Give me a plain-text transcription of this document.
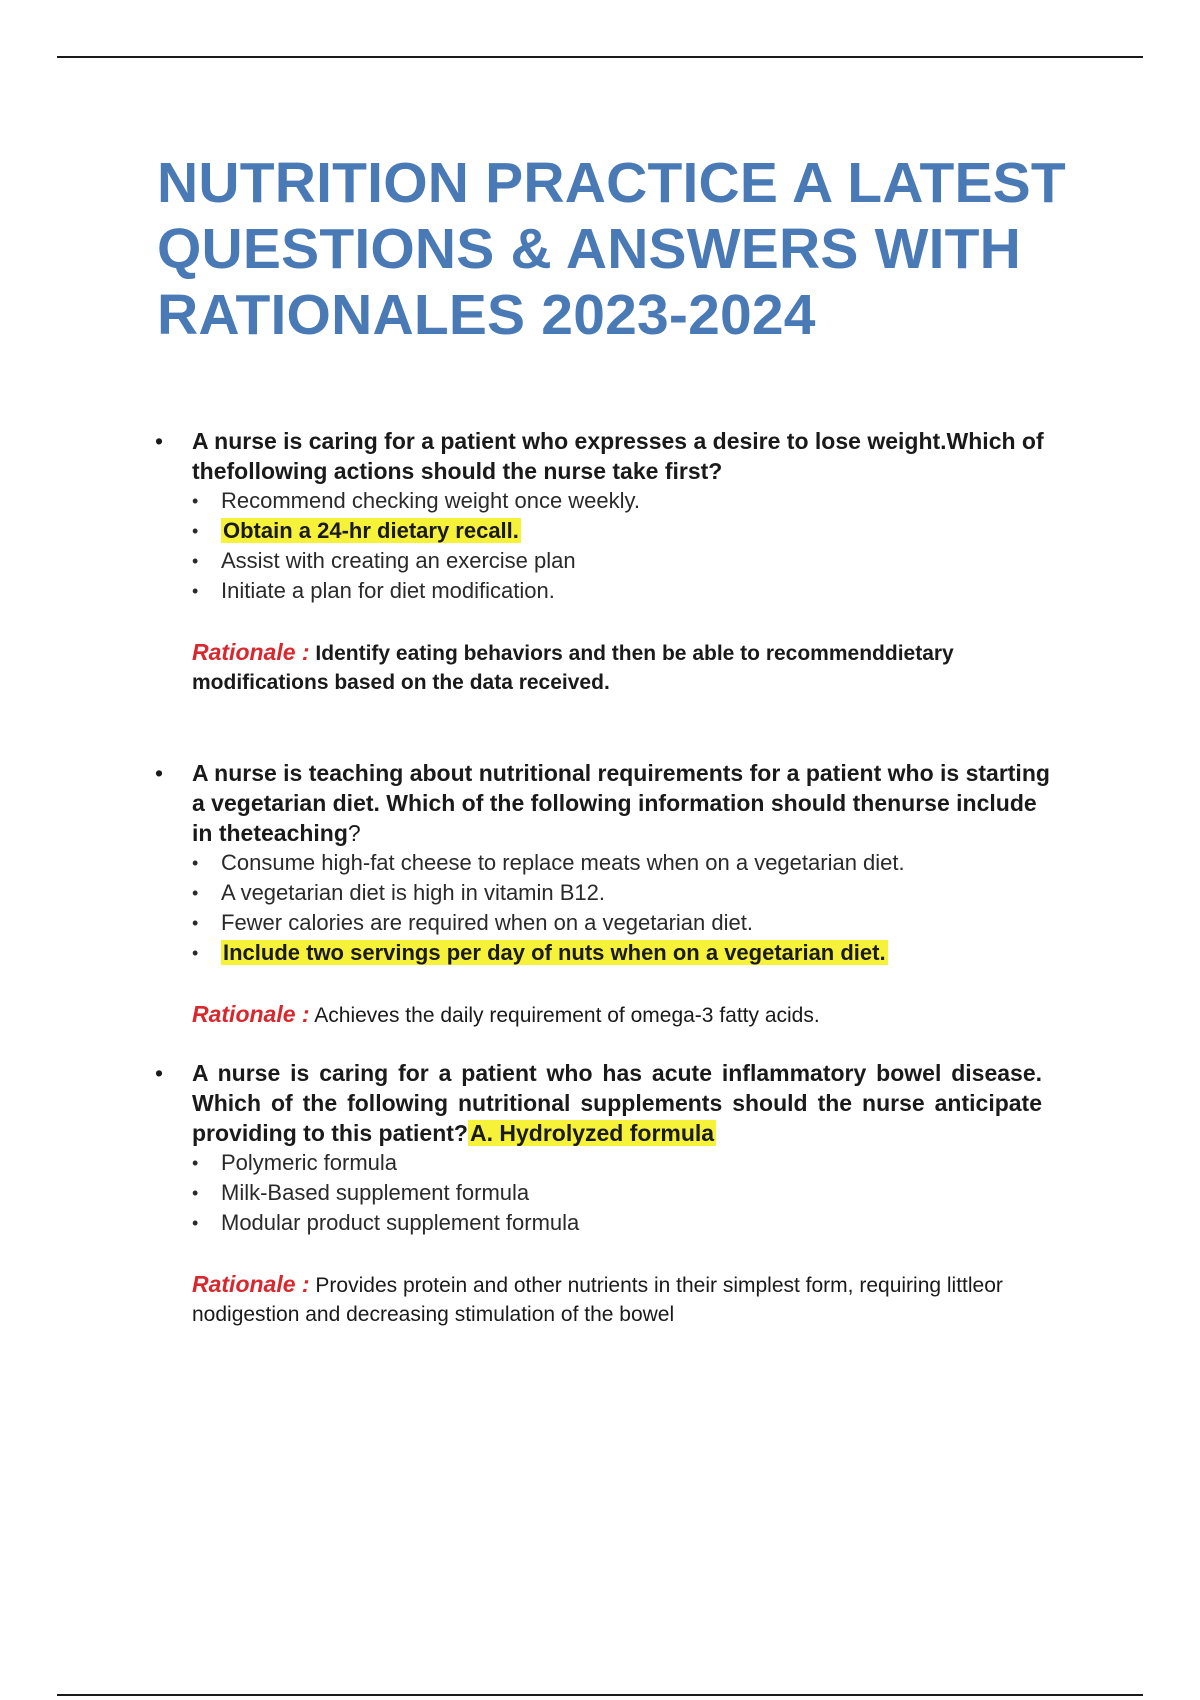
NUTRITION PRACTICE A LATEST QUESTIONS & ANSWERS WITH RATIONALES 2023-2024
• A nurse is caring for a patient who expresses a desire to lose weight.Which of thefollowing actions should the nurse take first?
• Recommend checking weight once weekly.
• Obtain a 24-hr dietary recall.
• Assist with creating an exercise plan
• Initiate a plan for diet modification.
Rationale : Identify eating behaviors and then be able to recommenddietary modifications based on the data received.
• A nurse is teaching about nutritional requirements for a patient who is starting a vegetarian diet. Which of the following information should thenurse include in theteaching?
• Consume high-fat cheese to replace meats when on a vegetarian diet.
• A vegetarian diet is high in vitamin B12.
• Fewer calories are required when on a vegetarian diet.
• Include two servings per day of nuts when on a vegetarian diet.
Rationale : Achieves the daily requirement of omega-3 fatty acids.
• A nurse is caring for a patient who has acute inflammatory bowel disease. Which of the following nutritional supplements should the nurse anticipate providing to this patient?A. Hydrolyzed formula
• Polymeric formula
• Milk-Based supplement formula
• Modular product supplement formula
Rationale : Provides protein and other nutrients in their simplest form, requiring littleor nodigestion and decreasing stimulation of the bowel
